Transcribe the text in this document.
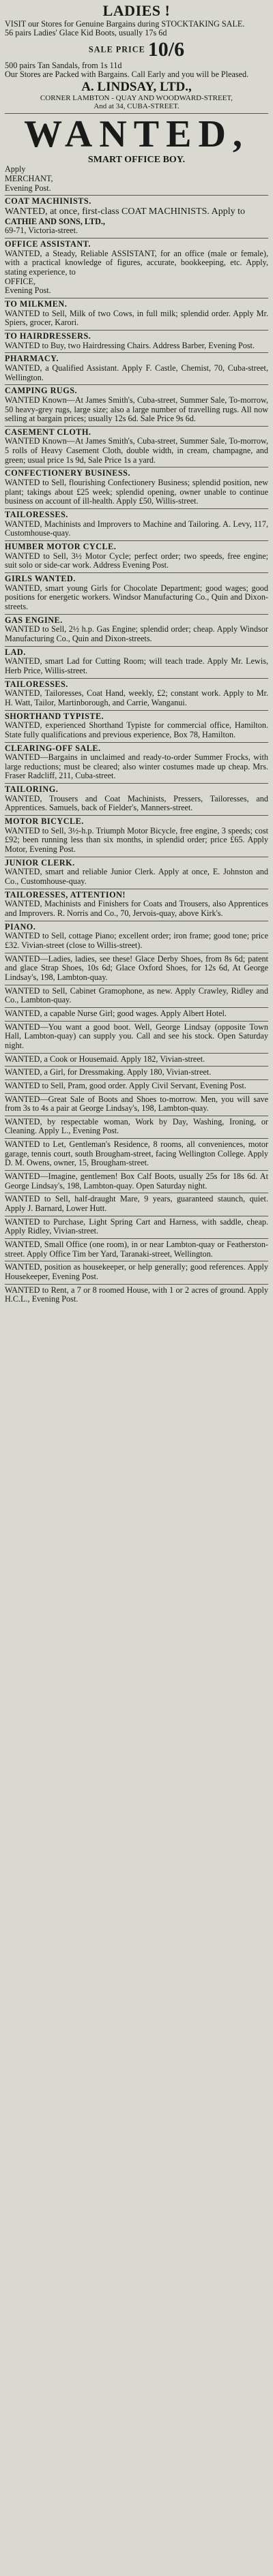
LADIES !
VISIT our Stores for Genuine Bargains during STOCKTAKING SALE.
56 pairs Ladies' Glace Kid Boots, usually 17s 6d
SALE PRICE 10/6
500 pairs Tan Sandals, from 1s 11d
Our Stores are Packed with Bargains. Call Early and you will be Pleased.
A. LINDSAY, LTD.,
CORNER LAMBTON - QUAY AND WOODWARD-STREET,
And at 34, CUBA-STREET.
WANTED,
SMART OFFICE BOY.
Apply
MERCHANT,
Evening Post.
COAT MACHINISTS.
WANTED, at once, first-class COAT MACHINISTS. Apply to
CATHIE AND SONS, LTD.,
69-71, Victoria-street.
OFFICE ASSISTANT.
WANTED, a Steady, Reliable ASSISTANT, for an office (male or female), with a practical knowledge of figures, accurate, bookkeeping, etc. Apply, stating experience, to
OFFICE,
Evening Post.
TO MILKMEN.
WANTED to Sell, Milk of two Cows, in full milk; splendid order. Apply Mr. Spiers, grocer, Karori.
TO HAIRDRESSERS.
WANTED to Buy, two Hairdressing Chairs. Address Barber, Evening Post.
PHARMACY.
WANTED, a Qualified Assistant. Apply F. Castle, Chemist, 70, Cuba-street, Wellington.
CAMPING RUGS.
WANTED Known—At James Smith's, Cuba-street, Summer Sale, To-morrow, 50 heavy-grey rugs, large size; also a large number of travelling rugs. All now selling at bargain prices; usually 12s 6d. Sale Price 9s 6d.
CASEMENT CLOTH.
WANTED Known—At James Smith's, Cuba-street, Summer Sale, To-morrow, 5 rolls of Heavy Casement Cloth, double width, in cream, champagne, and green; usual price 1s 9d, Sale Price 1s a yard.
CONFECTIONERY BUSINESS.
WANTED to Sell, flourishing Confectionery Business; splendid position, new plant; takings about £25 week; splendid opening, owner unable to continue business on account of ill-health. Apply £50, Willis-street.
TAILORESSES.
WANTED, Machinists and Improvers to Machine and Tailoring. A. Levy, 117, Customhouse-quay.
HUMBER MOTOR CYCLE.
WANTED to Sell, 3½ Motor Cycle; perfect order; two speeds, free engine; suit solo or side-car work. Address Evening Post.
GIRLS WANTED.
WANTED, smart young Girls for Chocolate Department; good wages; good positions for energetic workers. Windsor Manufacturing Co., Quin and Dixon-streets.
GAS ENGINE.
WANTED to Sell, 2½ h.p. Gas Engine; splendid order; cheap. Apply Windsor Manufacturing Co., Quin and Dixon-streets.
LAD.
WANTED, smart Lad for Cutting Room; will teach trade. Apply Mr. Lewis, Herb Price, Willis-street.
TAILORESSES.
WANTED, Tailoresses, Coat Hand, weekly, £2; constant work. Apply to Mr. H. Watt, Tailor, Martinborough, and Carrie, Wanganui.
SHORTHAND TYPISTE.
WANTED, experienced Shorthand Typiste for commercial office, Hamilton. State fully qualifications and previous experience, Box 78, Hamilton.
CLEARING-OFF SALE.
WANTED—Bargains in unclaimed and ready-to-order Summer Frocks, with large reductions; must be cleared; also winter costumes made up cheap. Mrs. Fraser Radcliff, 211, Cuba-street.
TAILORING.
WANTED, Trousers and Coat Machinists, Pressers, Tailoresses, and Apprentices. Samuels, back of Fielder's, Manners-street.
MOTOR BICYCLE.
WANTED to Sell, 3½-h.p. Triumph Motor Bicycle, free engine, 3 speeds; cost £92; been running less than six months, in splendid order; price £65. Apply Motor, Evening Post.
JUNIOR CLERK.
WANTED, smart and reliable Junior Clerk. Apply at once, E. Johnston and Co., Customhouse-quay.
TAILORESSES, ATTENTION!
WANTED, Machinists and Finishers for Coats and Trousers, also Apprentices and Improvers. R. Norris and Co., 70, Jervois-quay, above Kirk's.
PIANO.
WANTED to Sell, cottage Piano; excellent order; iron frame; good tone; price £32. Vivian-street (close to Willis-street).
WANTED—Ladies, ladies, see these! Glace Derby Shoes, from 8s 6d; patent and glace Strap Shoes, 10s 6d; Glace Oxford Shoes, for 12s 6d, At George Lindsay's, 198, Lambton-quay.
WANTED to Sell, Cabinet Gramophone, as new. Apply Crawley, Ridley and Co., Lambton-quay.
WANTED, a capable Nurse Girl; good wages. Apply Albert Hotel.
WANTED—You want a good boot. Well, George Lindsay (opposite Town Hall, Lambton-quay) can supply you. Call and see his stock. Open Saturday night.
WANTED, a Cook or Housemaid. Apply 182, Vivian-street.
WANTED, a Girl, for Dressmaking. Apply 180, Vivian-street.
WANTED to Sell, Pram, good order. Apply Civil Servant, Evening Post.
WANTED—Great Sale of Boots and Shoes to-morrow. Men, you will save from 3s to 4s a pair at George Lindsay's, 198, Lambton-quay.
WANTED, by respectable woman, Work by Day, Washing, Ironing, or Cleaning. Apply L., Evening Post.
WANTED to Let, Gentleman's Residence, 8 rooms, all conveniences, motor garage, tennis court, south Brougham-street, facing Wellington College. Apply D. M. Owens, owner, 15, Brougham-street.
WANTED—Imagine, gentlemen! Box Calf Boots, usually 25s for 18s 6d. At George Lindsay's, 198, Lambton-quay. Open Saturday night.
WANTED to Sell, half-draught Mare, 9 years, guaranteed staunch, quiet. Apply J. Barnard, Lower Hutt.
WANTED to Purchase, Light Spring Cart and Harness, with saddle, cheap. Apply Ridley, Vivian-street.
WANTED, Small Office (one room), in or near Lambton-quay or Featherston-street. Apply Office Tim ber Yard, Taranaki-street, Wellington.
WANTED, position as housekeeper, or help generally; good references. Apply Housekeeper, Evening Post.
WANTED to Rent, a 7 or 8 roomed House, with 1 or 2 acres of ground. Apply H.C.L., Evening Post.
